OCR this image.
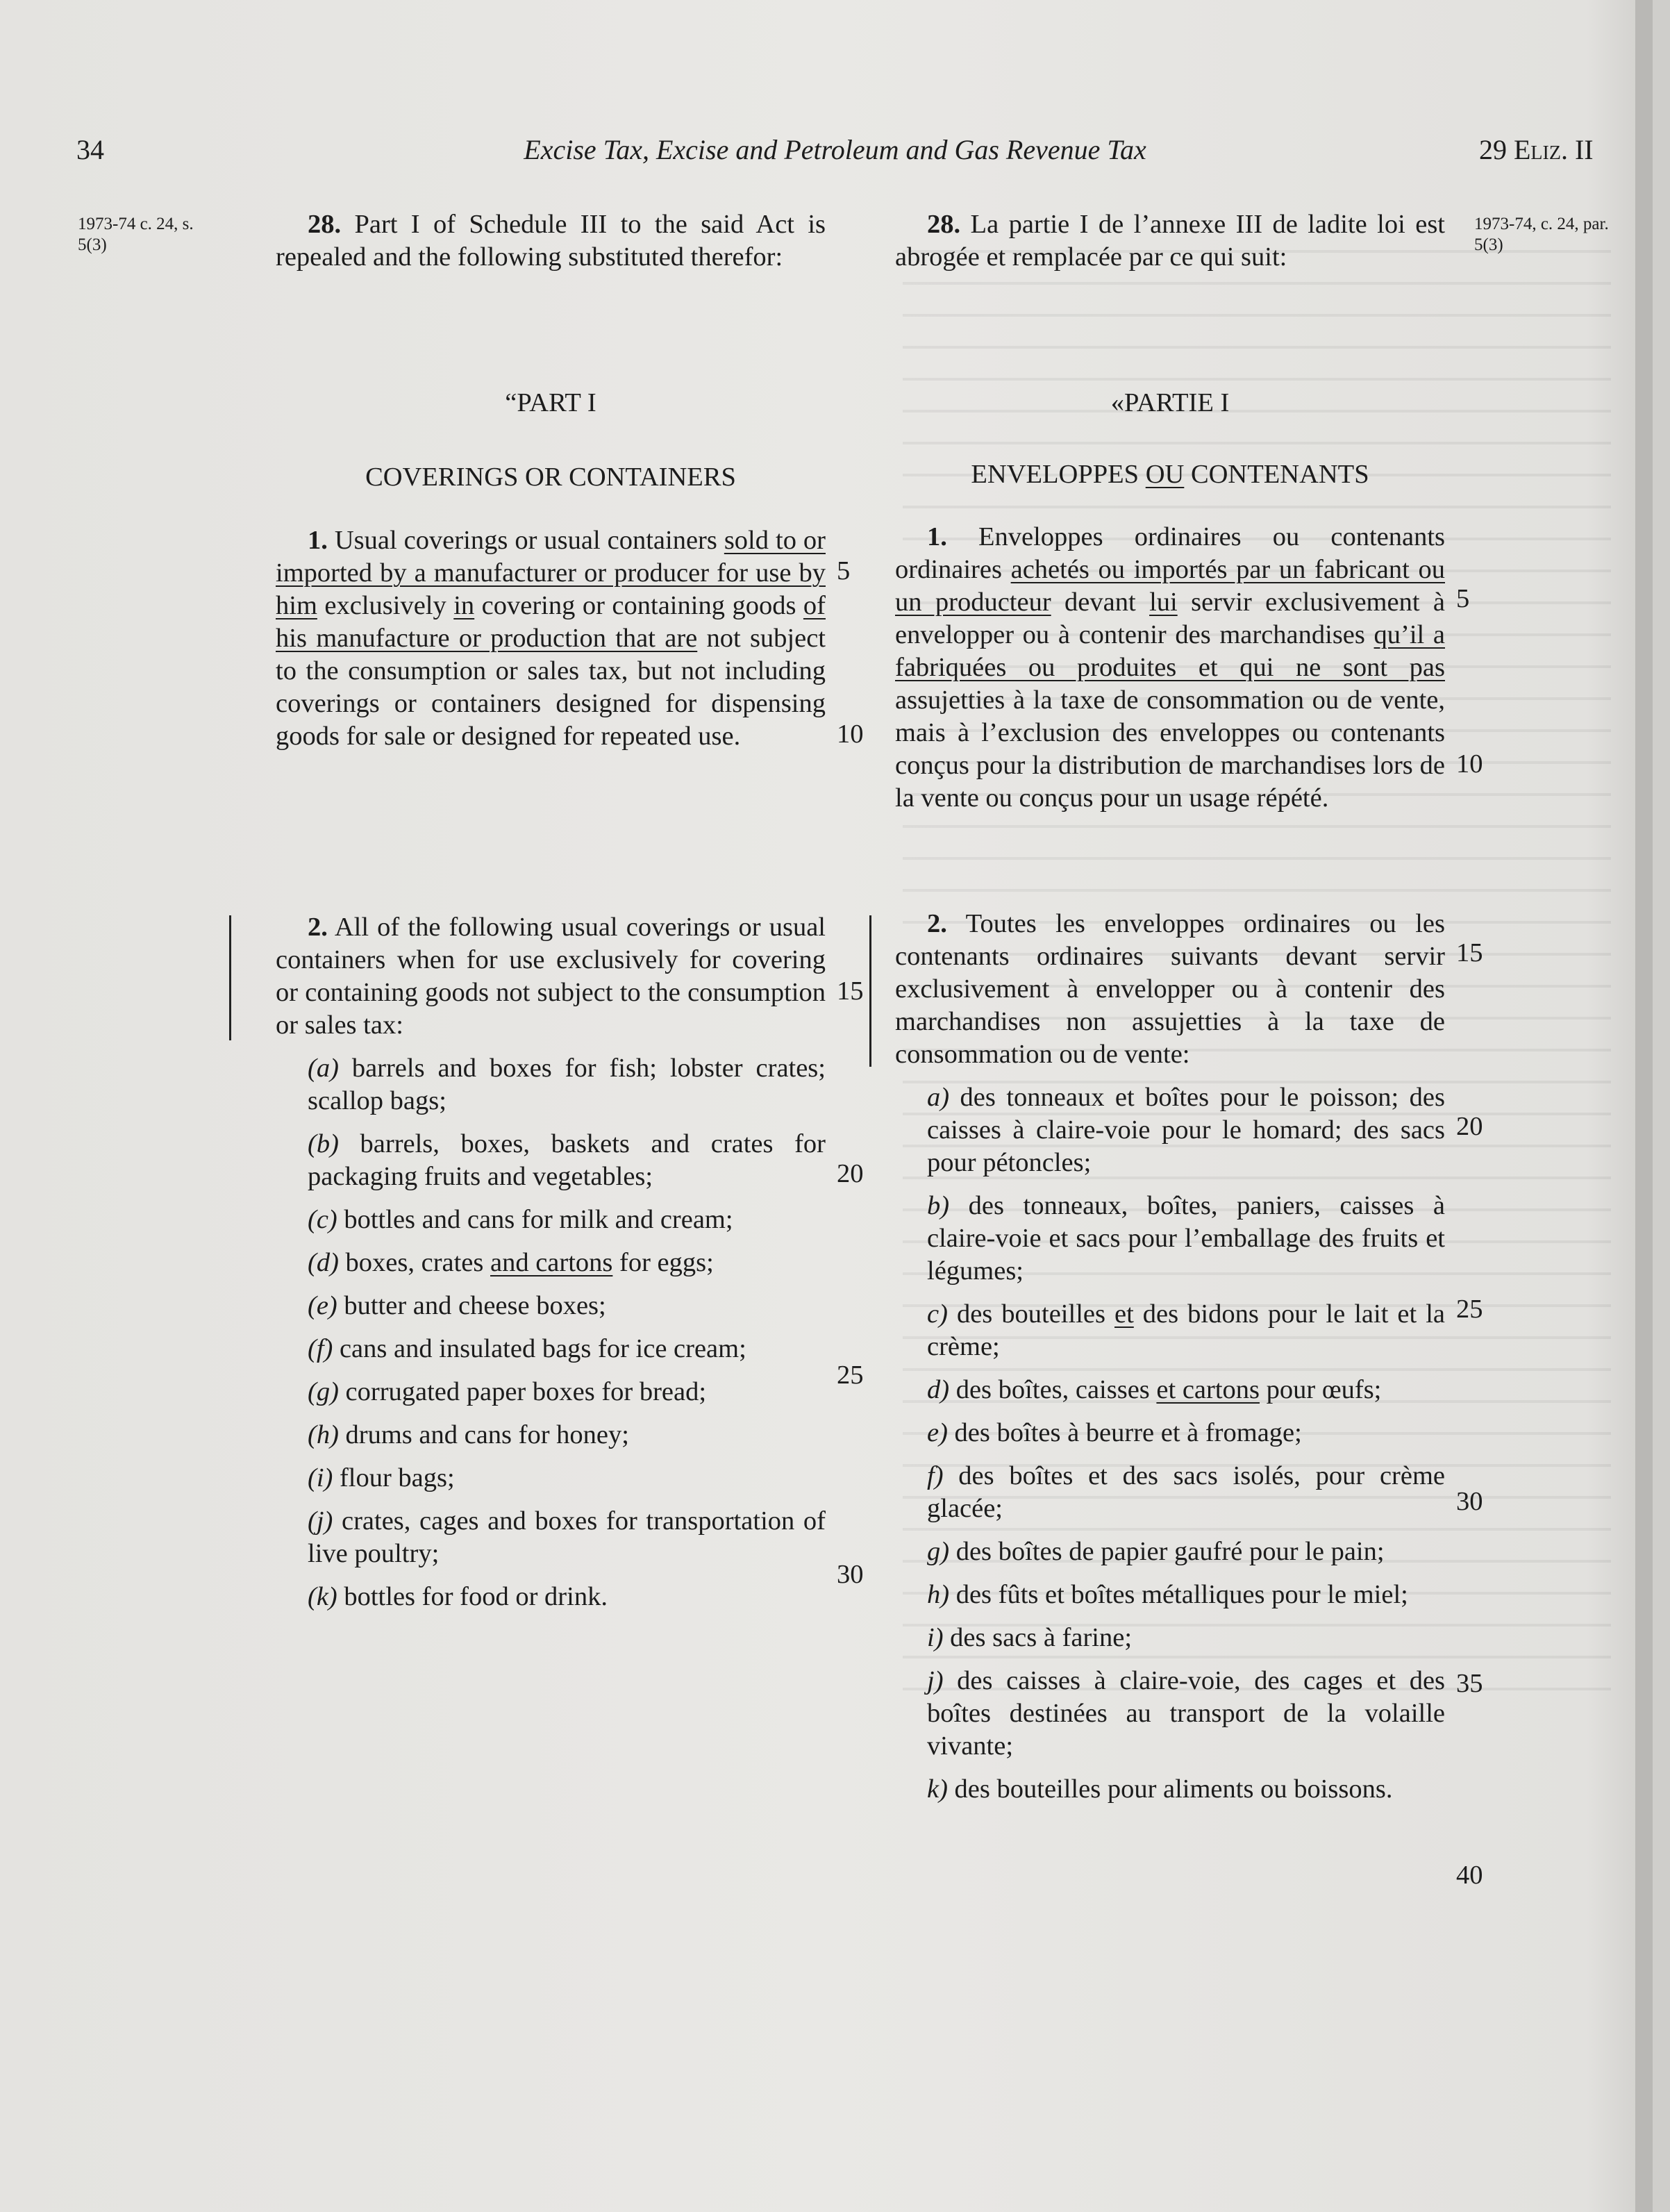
34	Excise Tax, Excise and Petroleum and Gas Revenue Tax	29 Eliz. II
1973-74 c. 24, s. 5(3)
1973-74, c. 24, par. 5(3)

28. Part I of Schedule III to the said Act is repealed and the following substituted therefor:

“PART I
COVERINGS OR CONTAINERS

1. Usual coverings or usual containers sold to or imported by a manufacturer or producer for use by him exclusively in covering or containing goods of his manufacture or production that are not subject to the consumption or sales tax, but not including coverings or containers designed for dispensing goods for sale or designed for repeated use.

2. All of the following usual coverings or usual containers when for use exclusively for covering or containing goods not subject to the consumption or sales tax:

(a) barrels and boxes for fish; lobster crates; scallop bags;

(b) barrels, boxes, baskets and crates for packaging fruits and vegetables;

(c) bottles and cans for milk and cream;

(d) boxes, crates and cartons for eggs;

(e) butter and cheese boxes;

(f) cans and insulated bags for ice cream;

(g) corrugated paper boxes for bread;

(h) drums and cans for honey;

(i) flour bags;

(j) crates, cages and boxes for transportation of live poultry;

(k) bottles for food or drink.

28. La partie I de l’annexe III de ladite loi est abrogée et remplacée par ce qui suit:

«PARTIE I
ENVELOPPES OU CONTENANTS

1. Enveloppes ordinaires ou contenants ordinaires achetés ou importés par un fabricant ou un producteur devant lui servir exclusivement à envelopper ou à contenir des marchandises qu’il a fabriquées ou produites et qui ne sont pas assujetties à la taxe de consommation ou de vente, mais à l’exclusion des enveloppes ou contenants conçus pour la distribution de marchandises lors de la vente ou conçus pour un usage répété.

2. Toutes les enveloppes ordinaires ou les contenants ordinaires suivants devant servir exclusivement à envelopper ou à contenir des marchandises non assujetties à la taxe de consommation ou de vente:

a) des tonneaux et boîtes pour le poisson; des caisses à claire-voie pour le homard; des sacs pour pétoncles;

b) des tonneaux, boîtes, paniers, caisses à claire-voie et sacs pour l’emballage des fruits et légumes;

c) des bouteilles et des bidons pour le lait et la crème;

d) des boîtes, caisses et cartons pour œufs;

e) des boîtes à beurre et à fromage;

f) des boîtes et des sacs isolés, pour crème glacée;

g) des boîtes de papier gaufré pour le pain;

h) des fûts et boîtes métalliques pour le miel;

i) des sacs à farine;

j) des caisses à claire-voie, des cages et des boîtes destinées au transport de la volaille vivante;

k) des bouteilles pour aliments ou boissons.

5
10
15
20
25
30
5
10
15
20
25
30
35
40
